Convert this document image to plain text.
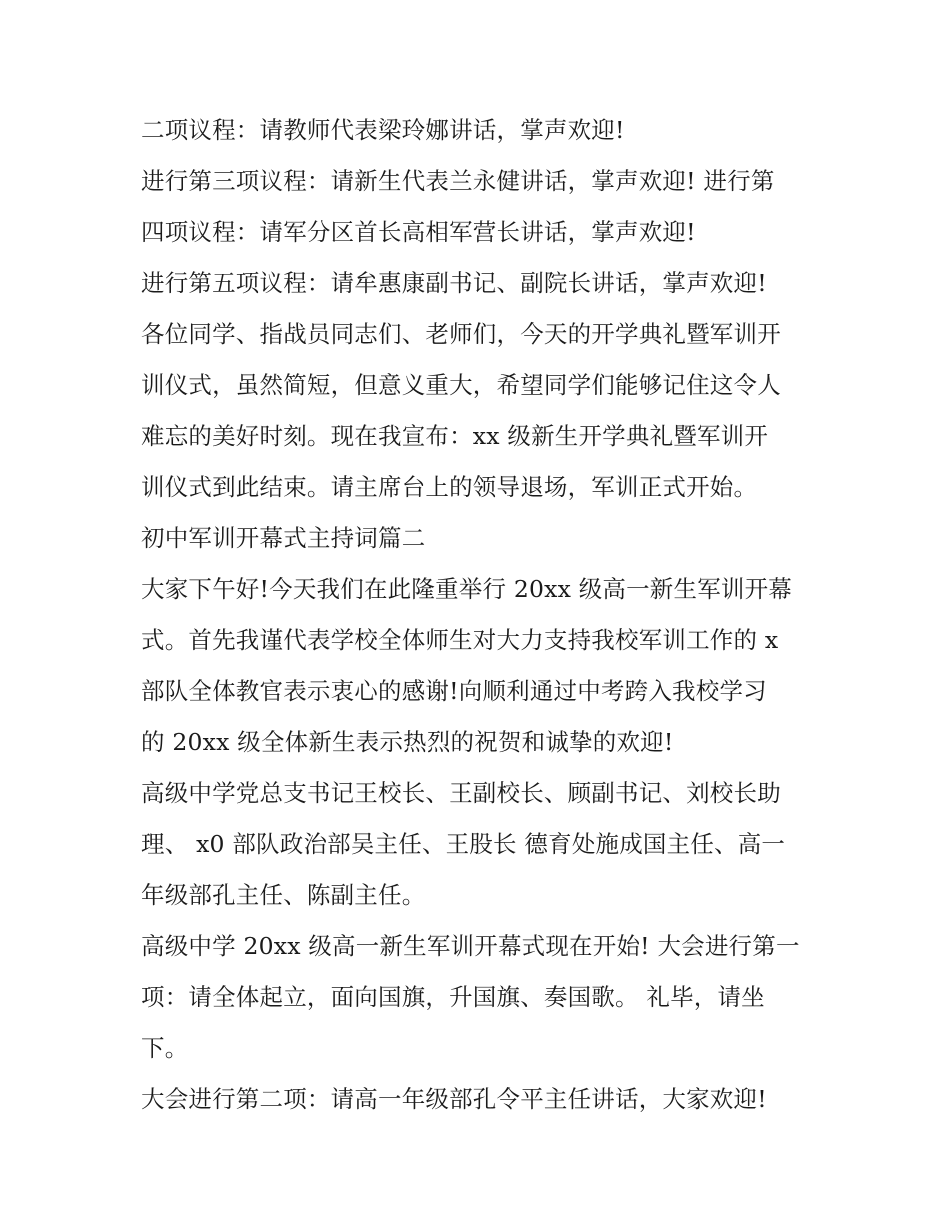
二项议程：请教师代表梁玲娜讲话，掌声欢迎!
进行第三项议程：请新生代表兰永健讲话，掌声欢迎! 进行第
四项议程：请军分区首长高相军营长讲话，掌声欢迎!
进行第五项议程：请牟惠康副书记、副院长讲话，掌声欢迎!
各位同学、指战员同志们、老师们，今天的开学典礼暨军训开
训仪式，虽然简短，但意义重大，希望同学们能够记住这令人
难忘的美好时刻。现在我宣布：xx 级新生开学典礼暨军训开
训仪式到此结束。请主席台上的领导退场，军训正式开始。
初中军训开幕式主持词篇二
大家下午好!今天我们在此隆重举行 20xx 级高一新生军训开幕
式。首先我谨代表学校全体师生对大力支持我校军训工作的 x
部队全体教官表示衷心的感谢!向顺利通过中考跨入我校学习
的 20xx 级全体新生表示热烈的祝贺和诚挚的欢迎!
高级中学党总支书记王校长、王副校长、顾副书记、刘校长助
理、 x0 部队政治部吴主任、王股长 德育处施成国主任、高一
年级部孔主任、陈副主任。
高级中学 20xx 级高一新生军训开幕式现在开始! 大会进行第一
项：请全体起立，面向国旗，升国旗、奏国歌。 礼毕，请坐
下。
大会进行第二项：请高一年级部孔令平主任讲话，大家欢迎!
